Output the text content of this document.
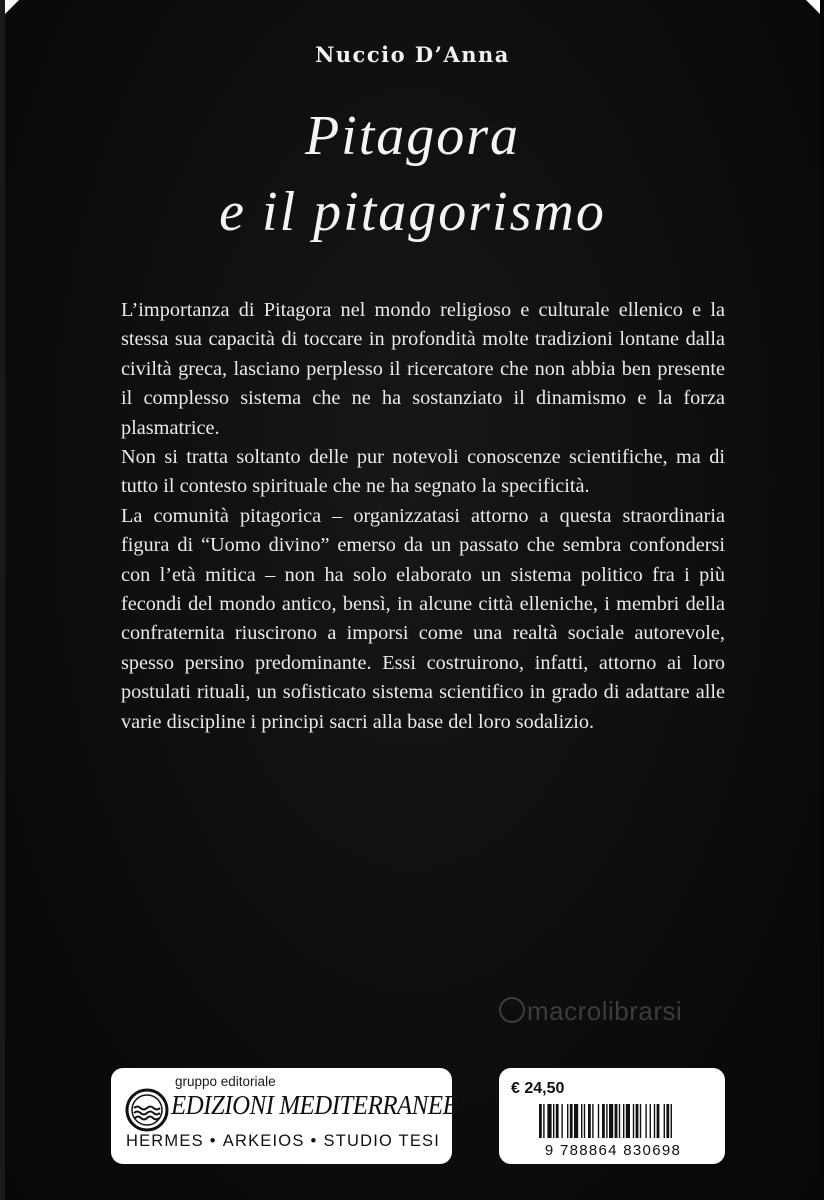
Nuccio D’Anna
Pitagora
e il pitagorismo

L’importanza di Pitagora nel mondo religioso e culturale ellenico e la stessa sua capacità di toccare in profondità molte tradizioni lontane dalla civiltà greca, lasciano perplesso il ricercatore che non abbia ben presente il complesso sistema che ne ha sostanziato il dinamismo e la forza plasmatrice.

Non si tratta soltanto delle pur notevoli conoscenze scientifiche, ma di tutto il contesto spirituale che ne ha segnato la specificità.

La comunità pitagorica – organizzatasi attorno a questa straordinaria figura di “Uomo divino” emerso da un passato che sembra confondersi con l’età mitica – non ha solo elaborato un sistema politico fra i più fecondi del mondo antico, bensì, in alcune città elleniche, i membri della confraternita riuscirono a imporsi come una realtà sociale autorevole, spesso persino predominante. Essi costruirono, infatti, attorno ai loro postulati rituali, un sofisticato sistema scientifico in grado di adattare alle varie discipline i principi sacri alla base del loro sodalizio.

macrolibrarsi
gruppo editoriale
EDIZIONI MEDITERRANEE
HERMES • ARKEIOS • STUDIO TESI
€ 24,50
9 788864 830698
